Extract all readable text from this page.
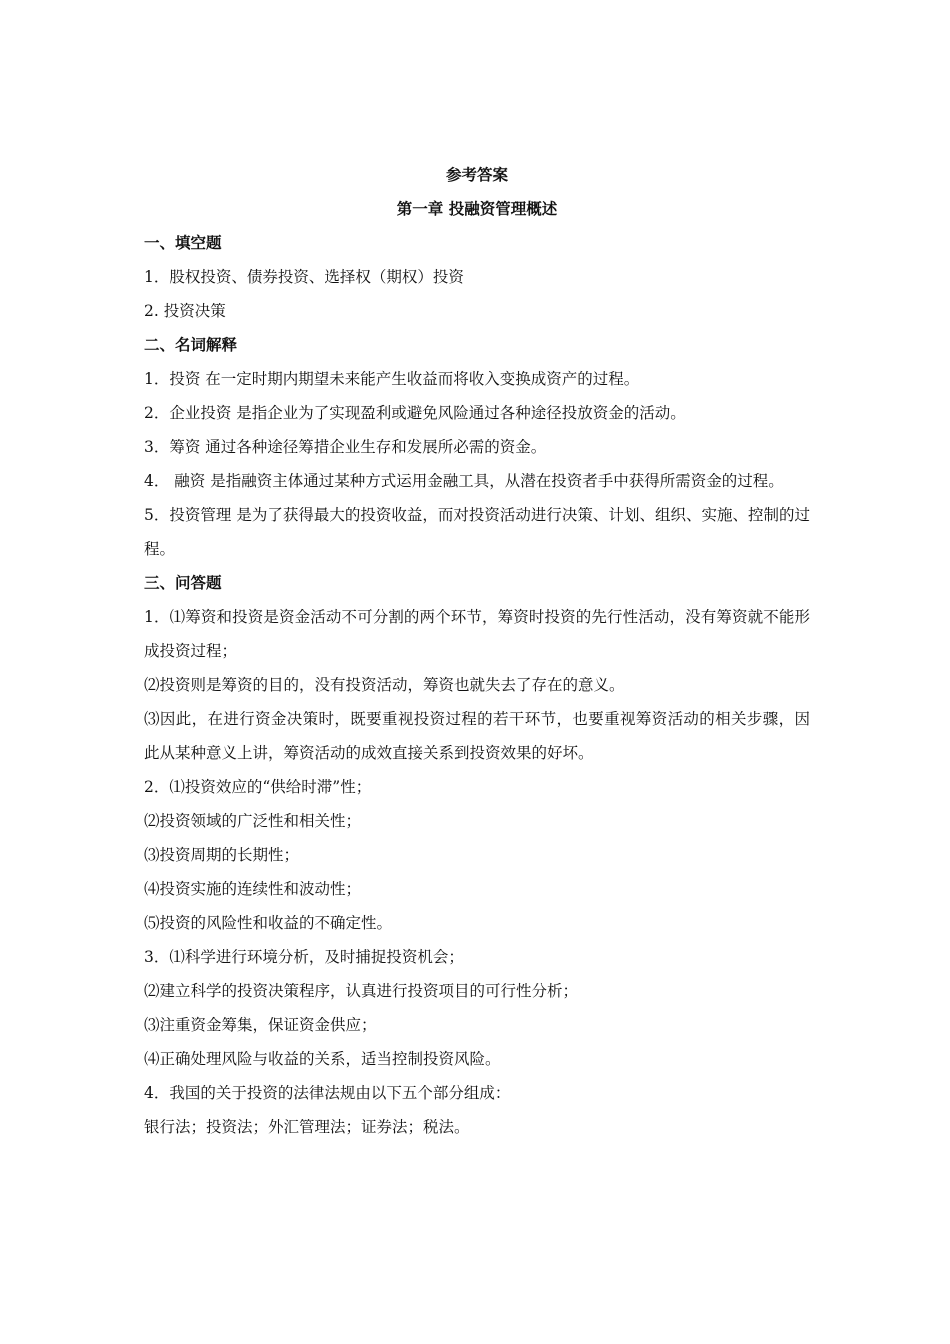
参考答案
第一章 投融资管理概述
一、填空题
1．股权投资、债券投资、选择权（期权）投资
2. 投资决策
二、名词解释
1．投资 在一定时期内期望未来能产生收益而将收入变换成资产的过程。
2．企业投资 是指企业为了实现盈利或避免风险通过各种途径投放资金的活动。
3．筹资 通过各种途径筹措企业生存和发展所必需的资金。
4． 融资 是指融资主体通过某种方式运用金融工具，从潜在投资者手中获得所需资金的过程。
5．投资管理 是为了获得最大的投资收益，而对投资活动进行决策、计划、组织、实施、控制的过程。
三、问答题
1．⑴筹资和投资是资金活动不可分割的两个环节，筹资时投资的先行性活动，没有筹资就不能形成投资过程；
⑵投资则是筹资的目的，没有投资活动，筹资也就失去了存在的意义。
⑶因此，在进行资金决策时，既要重视投资过程的若干环节，也要重视筹资活动的相关步骤，因此从某种意义上讲，筹资活动的成效直接关系到投资效果的好坏。
2．⑴投资效应的“供给时滞”性；
⑵投资领域的广泛性和相关性；
⑶投资周期的长期性；
⑷投资实施的连续性和波动性；
⑸投资的风险性和收益的不确定性。
3．⑴科学进行环境分析，及时捕捉投资机会；
⑵建立科学的投资决策程序，认真进行投资项目的可行性分析；
⑶注重资金筹集，保证资金供应；
⑷正确处理风险与收益的关系，适当控制投资风险。
4．我国的关于投资的法律法规由以下五个部分组成：
银行法；投资法；外汇管理法；证券法；税法。
